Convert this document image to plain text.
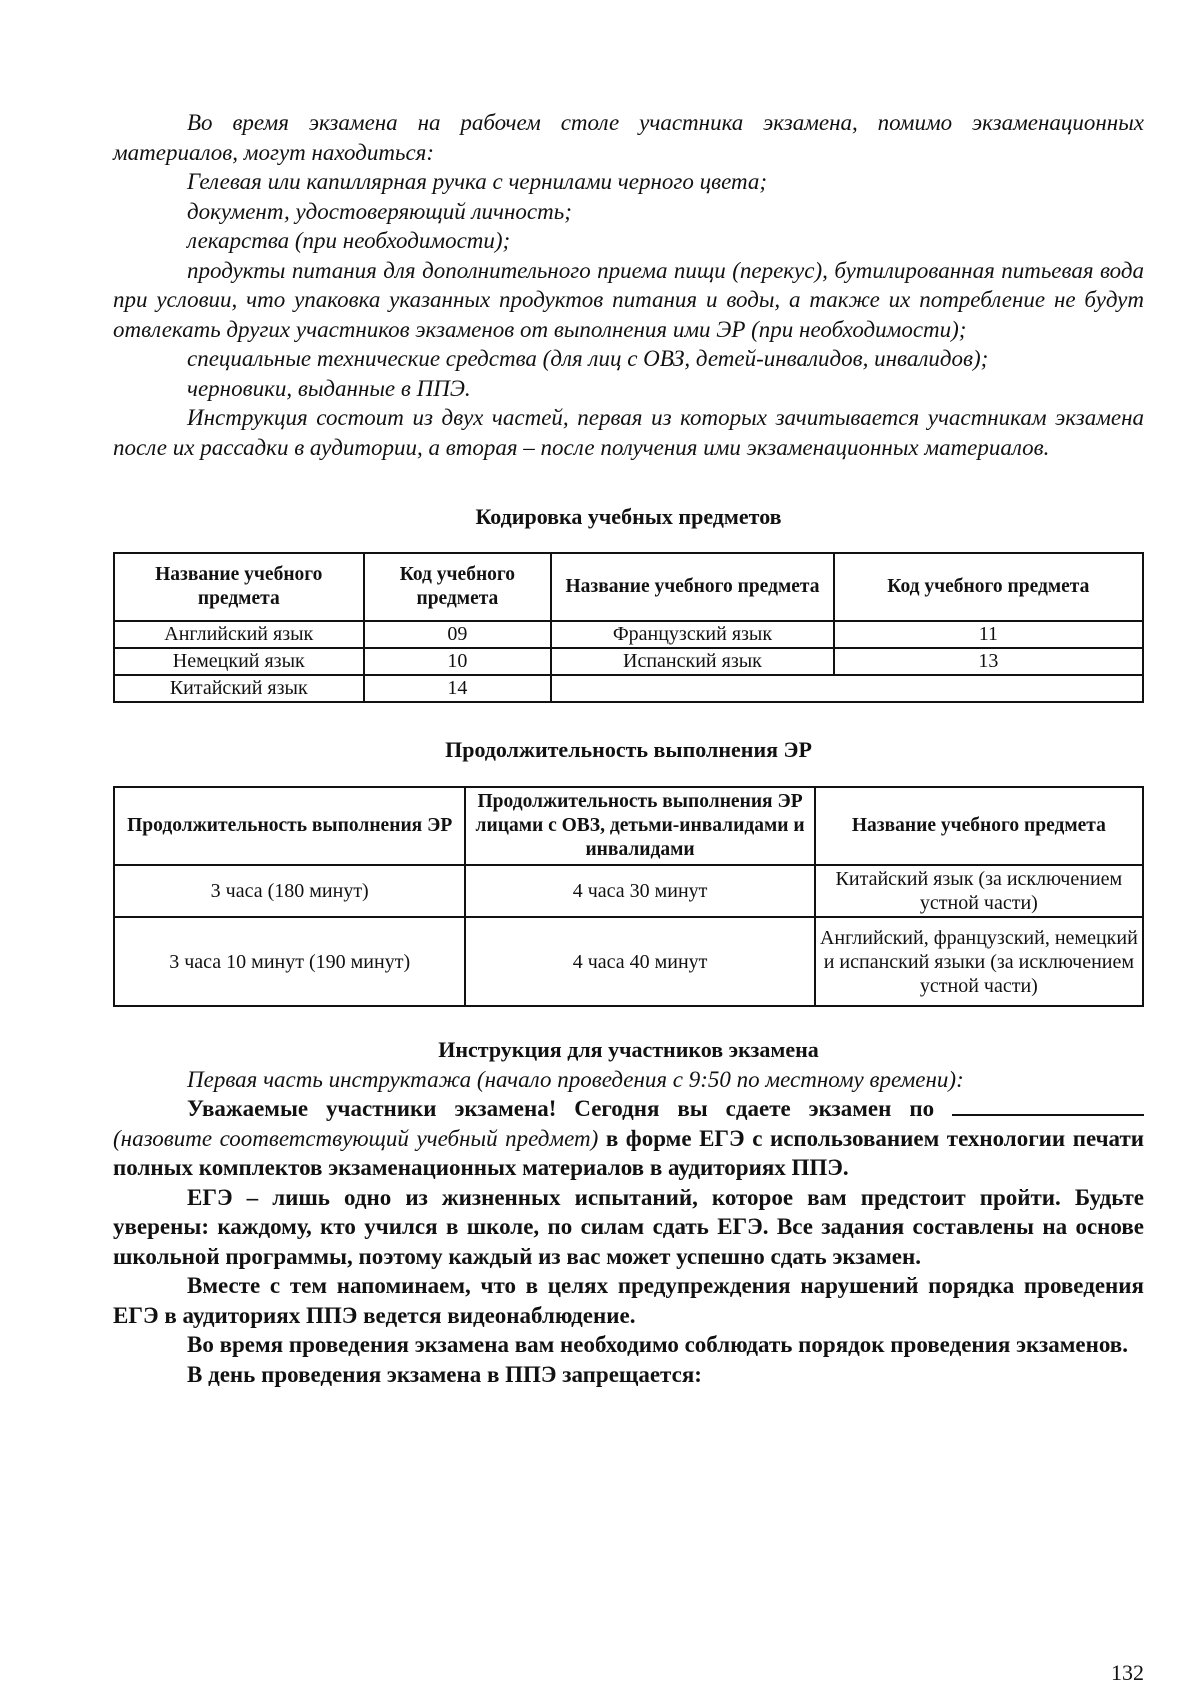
Во время экзамена на рабочем столе участника экзамена, помимо экзаменационных материалов, могут находиться:

Гелевая или капиллярная ручка с чернилами черного цвета;

документ, удостоверяющий личность;

лекарства (при необходимости);

продукты питания для дополнительного приема пищи (перекус), бутилированная питьевая вода при условии, что упаковка указанных продуктов питания и воды, а также их потребление не будут отвлекать других участников экзаменов от выполнения ими ЭР (при необходимости);

специальные технические средства (для лиц с ОВЗ, детей-инвалидов, инвалидов);

черновики, выданные в ППЭ.

Инструкция состоит из двух частей, первая из которых зачитывается участникам экзамена после их рассадки в аудитории, а вторая – после получения ими экзаменационных материалов.

Кодировка учебных предметов

Название учебного предмета	Код учебного предмета	Название учебного предмета	Код учебного предмета
Английский язык	09	Французский язык	11
Немецкий язык	10	Испанский язык	13
Китайский язык	14		

Продолжительность выполнения ЭР

Продолжительность выполнения ЭР	Продолжительность выполнения ЭР лицами с ОВЗ, детьми-инвалидами и инвалидами	Название учебного предмета
3 часа (180 минут)	4 часа 30 минут	Китайский язык (за исключением устной части)
3 часа 10 минут (190 минут)	4 часа 40 минут	Английский, французский, немецкий и испанский языки (за исключением устной части)

Инструкция для участников экзамена

Первая часть инструктажа (начало проведения с 9:50 по местному времени):

Уважаемые участники экзамена! Сегодня вы сдаете экзамен по (назовите соответствующий учебный предмет) в форме ЕГЭ с использованием технологии печати полных комплектов экзаменационных материалов в аудиториях ППЭ.

ЕГЭ – лишь одно из жизненных испытаний, которое вам предстоит пройти. Будьте уверены: каждому, кто учился в школе, по силам сдать ЕГЭ. Все задания составлены на основе школьной программы, поэтому каждый из вас может успешно сдать экзамен.

Вместе с тем напоминаем, что в целях предупреждения нарушений порядка проведения ЕГЭ в аудиториях ППЭ ведется видеонаблюдение.

Во время проведения экзамена вам необходимо соблюдать порядок проведения экзаменов.

В день проведения экзамена в ППЭ запрещается:

132
